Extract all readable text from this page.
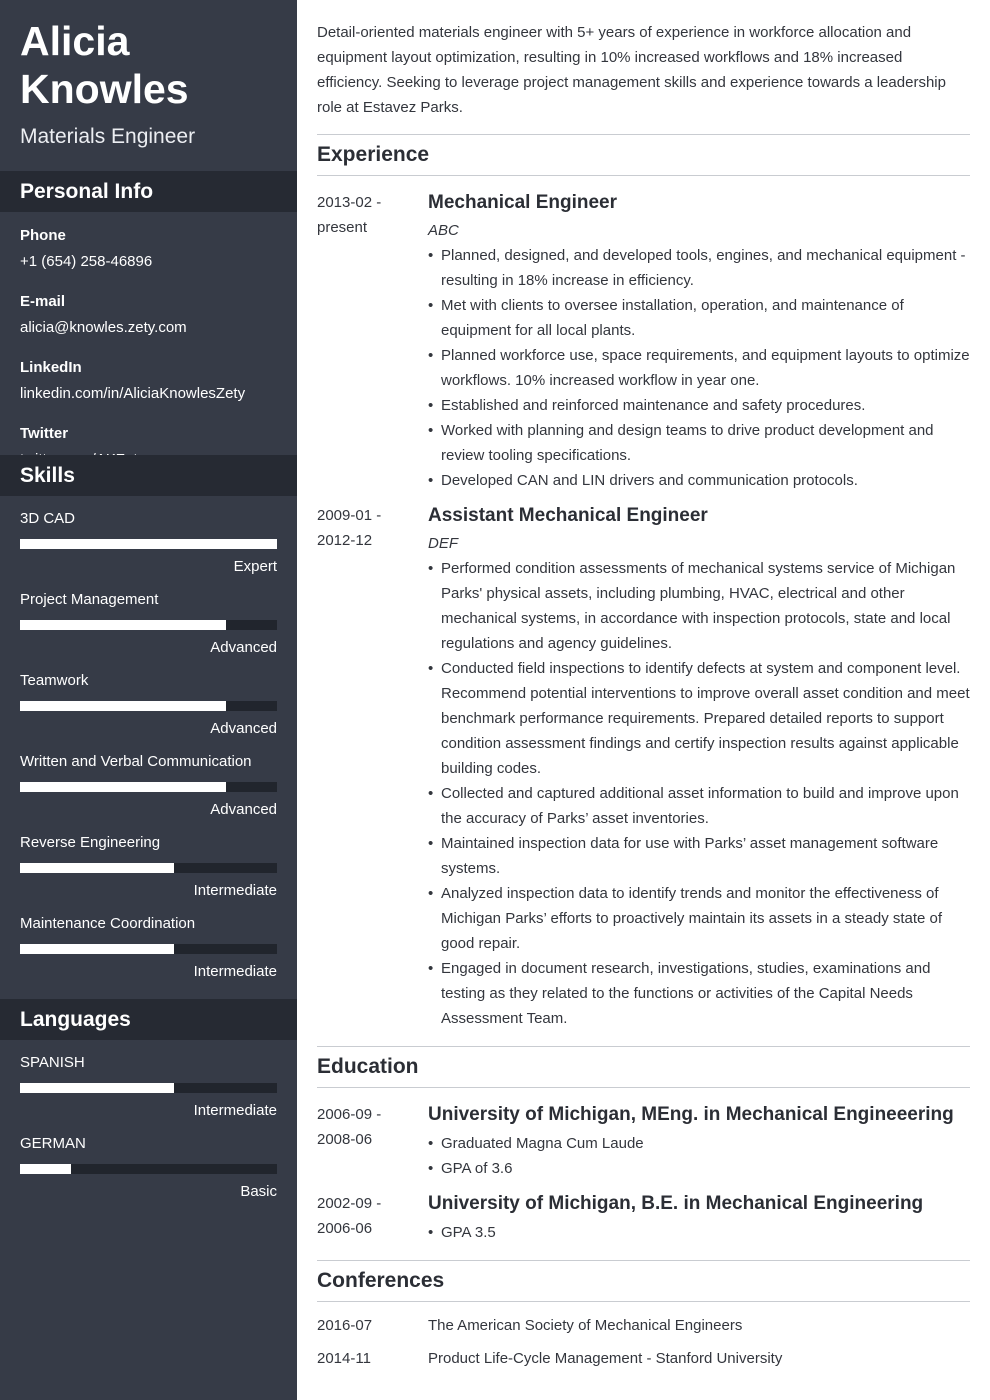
Alicia
Knowles
Materials Engineer
Personal Info
Phone
+1 (654) 258-46896
E-mail
alicia@knowles.zety.com
LinkedIn
linkedin.com/in/AliciaKnowlesZety
Twitter
Skills
3D CAD
Expert
Project Management
Advanced
Teamwork
Advanced
Written and Verbal Communication
Advanced
Reverse Engineering
Intermediate
Maintenance Coordination
Intermediate
Languages
SPANISH
Intermediate
GERMAN
Basic

Detail-oriented materials engineer with 5+ years of experience in workforce allocation and equipment layout optimization, resulting in 10% increased workflows and 18% increased efficiency. Seeking to leverage project management skills and experience towards a leadership role at Estavez Parks.

Experience
2013-02 -
present
Mechanical Engineer
ABC
• Planned, designed, and developed tools, engines, and mechanical equipment - resulting in 18% increase in efficiency.
• Met with clients to oversee installation, operation, and maintenance of equipment for all local plants.
• Planned workforce use, space requirements, and equipment layouts to optimize workflows. 10% increased workflow in year one.
• Established and reinforced maintenance and safety procedures.
• Worked with planning and design teams to drive product development and review tooling specifications.
• Developed CAN and LIN drivers and communication protocols.
2009-01 -
2012-12
Assistant Mechanical Engineer
DEF
• Performed condition assessments of mechanical systems service of Michigan Parks' physical assets, including plumbing, HVAC, electrical and other mechanical systems, in accordance with inspection protocols, state and local regulations and agency guidelines.
• Conducted field inspections to identify defects at system and component level. Recommend potential interventions to improve overall asset condition and meet benchmark performance requirements. Prepared detailed reports to support condition assessment findings and certify inspection results against applicable building codes.
• Collected and captured additional asset information to build and improve upon the accuracy of Parks’ asset inventories.
• Maintained inspection data for use with Parks’ asset management software systems.
• Analyzed inspection data to identify trends and monitor the effectiveness of Michigan Parks’ efforts to proactively maintain its assets in a steady state of good repair.
• Engaged in document research, investigations, studies, examinations and testing as they related to the functions or activities of the Capital Needs Assessment Team.
Education
2006-09 -
2008-06
University of Michigan, MEng. in Mechanical Engineeering
• Graduated Magna Cum Laude
• GPA of 3.6
2002-09 -
2006-06
University of Michigan, B.E. in Mechanical Engineering
• GPA 3.5
Conferences
2016-07	The American Society of Mechanical Engineers
2014-11	Product Life-Cycle Management - Stanford University
